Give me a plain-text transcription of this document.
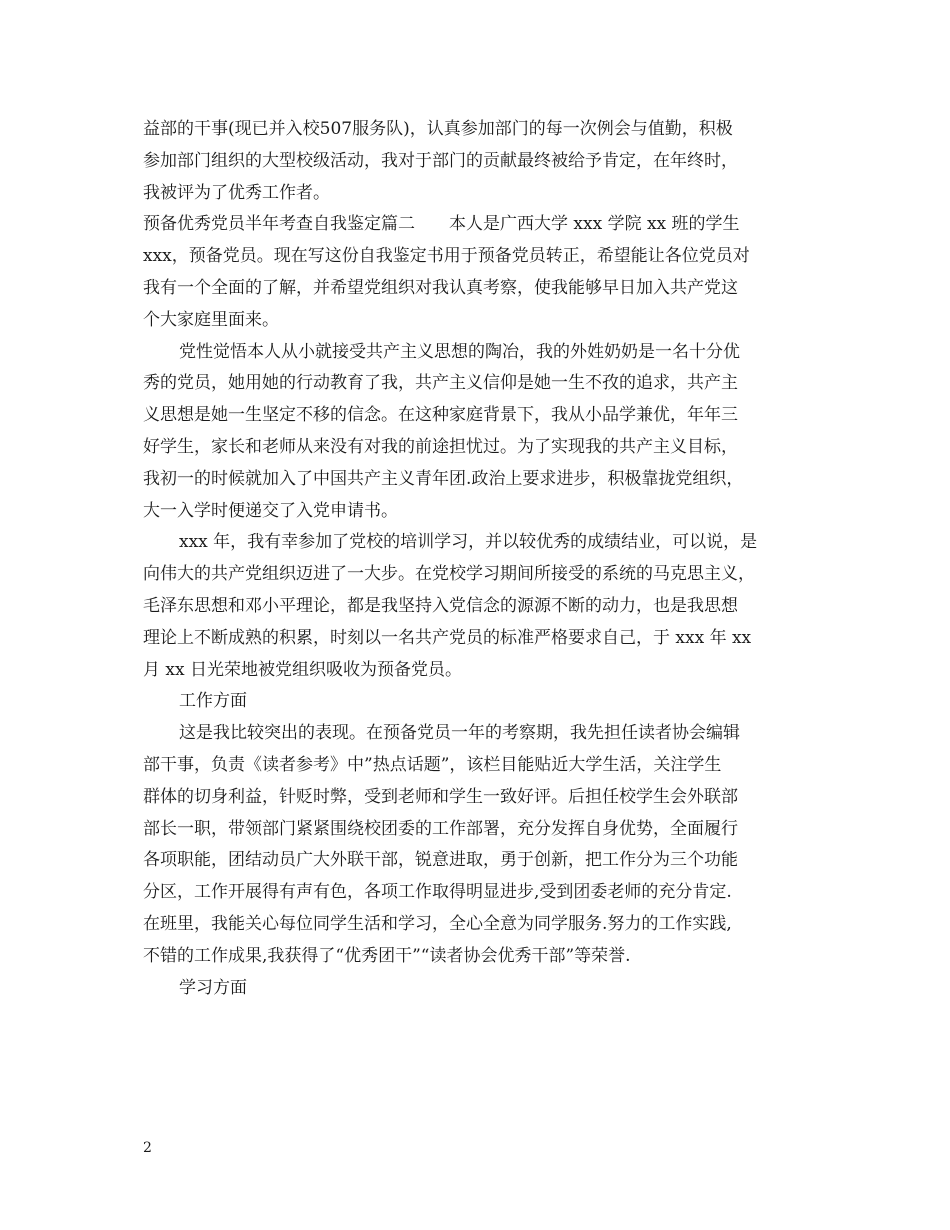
益部的干事(现已并入校507服务队)，认真参加部门的每一次例会与值勤，积极
参加部门组织的大型校级活动，我对于部门的贡献最终被给予肯定，在年终时，
我被评为了优秀工作者。
预备优秀党员半年考查自我鉴定篇二　　本人是广西大学 xxx 学院 xx 班的学生
xxx，预备党员。现在写这份自我鉴定书用于预备党员转正，希望能让各位党员对
我有一个全面的了解，并希望党组织对我认真考察，使我能够早日加入共产党这
个大家庭里面来。
党性觉悟本人从小就接受共产主义思想的陶冶，我的外姓奶奶是一名十分优
秀的党员，她用她的行动教育了我，共产主义信仰是她一生不孜的追求，共产主
义思想是她一生坚定不移的信念。在这种家庭背景下，我从小品学兼优，年年三
好学生，家长和老师从来没有对我的前途担忧过。为了实现我的共产主义目标，
我初一的时候就加入了中国共产主义青年团.政治上要求进步，积极靠拢党组织，
大一入学时便递交了入党申请书。
xxx 年，我有幸参加了党校的培训学习，并以较优秀的成绩结业，可以说，是
向伟大的共产党组织迈进了一大步。在党校学习期间所接受的系统的马克思主义，
毛泽东思想和邓小平理论，都是我坚持入党信念的源源不断的动力，也是我思想
理论上不断成熟的积累，时刻以一名共产党员的标准严格要求自己，于 xxx 年 xx
月 xx 日光荣地被党组织吸收为预备党员。
工作方面
这是我比较突出的表现。在预备党员一年的考察期，我先担任读者协会编辑
部干事，负责《读者参考》中”热点话题”，该栏目能贴近大学生活，关注学生
群体的切身利益，针贬时弊，受到老师和学生一致好评。后担任校学生会外联部
部长一职，带领部门紧紧围绕校团委的工作部署，充分发挥自身优势，全面履行
各项职能，团结动员广大外联干部，锐意进取，勇于创新，把工作分为三个功能
分区，工作开展得有声有色，各项工作取得明显进步,受到团委老师的充分肯定.
在班里，我能关心每位同学生活和学习，全心全意为同学服务.努力的工作实践,
不错的工作成果,我获得了“优秀团干”“读者协会优秀干部”等荣誉.
学习方面
2
